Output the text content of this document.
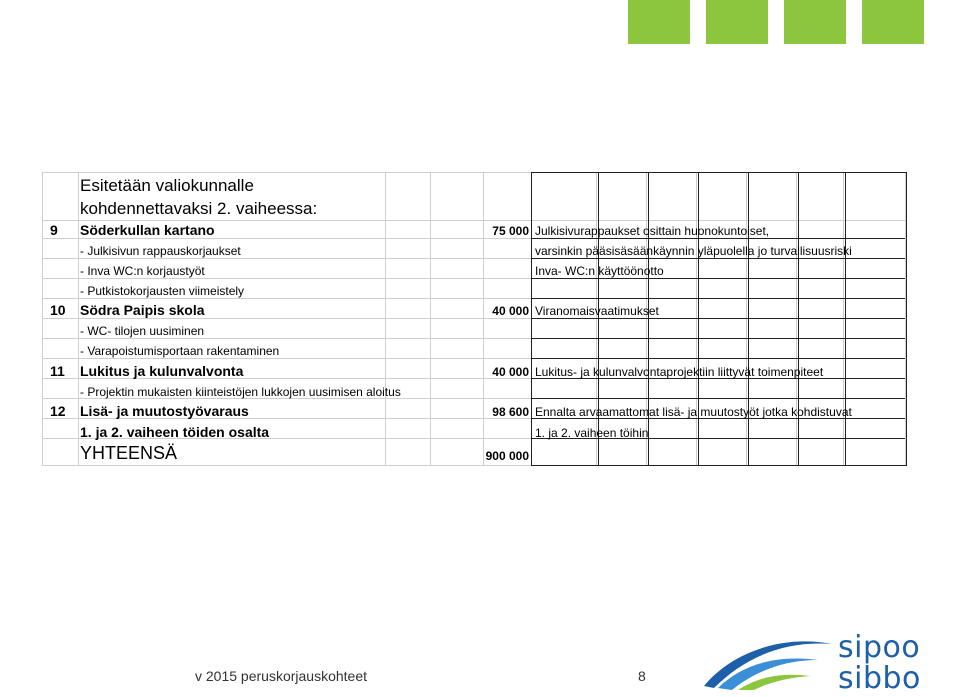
Esitetään valiokunnalle
kohdennettavaksi 2. vaiheessa:
9	Söderkullan kartano	75 000 Julkisivurappaukset osittain huonokuntoiset,
- Julkisivun rappauskorjaukset	varsinkin pääsisäsäänkäynnin yläpuolella jo turvallisuusriski
- Inva WC:n korjaustyöt	Inva- WC:n käyttöönotto
- Putkistokorjausten viimeistely
10 Södra Paipis skola	40 000 Viranomaisvaatimukset
- WC- tilojen uusiminen
- Varapoistumisportaan rakentaminen
11 Lukitus ja kulunvalvonta	40 000 Lukitus- ja kulunvalvontaprojektiin liittyvät toimenpiteet
- Projektin mukaisten kiinteistöjen lukkojen uusimisen aloitus
12 Lisä- ja muutostyövaraus	98 600 Ennalta arvaamattomat lisä- ja muutostyöt jotka kohdistuvat
1. ja 2. vaiheen töiden osalta	1. ja 2. vaiheen töihin
YHTEENSÄ	900 000
v 2015 peruskorjauskohteet	8
sipoo
sibbo
